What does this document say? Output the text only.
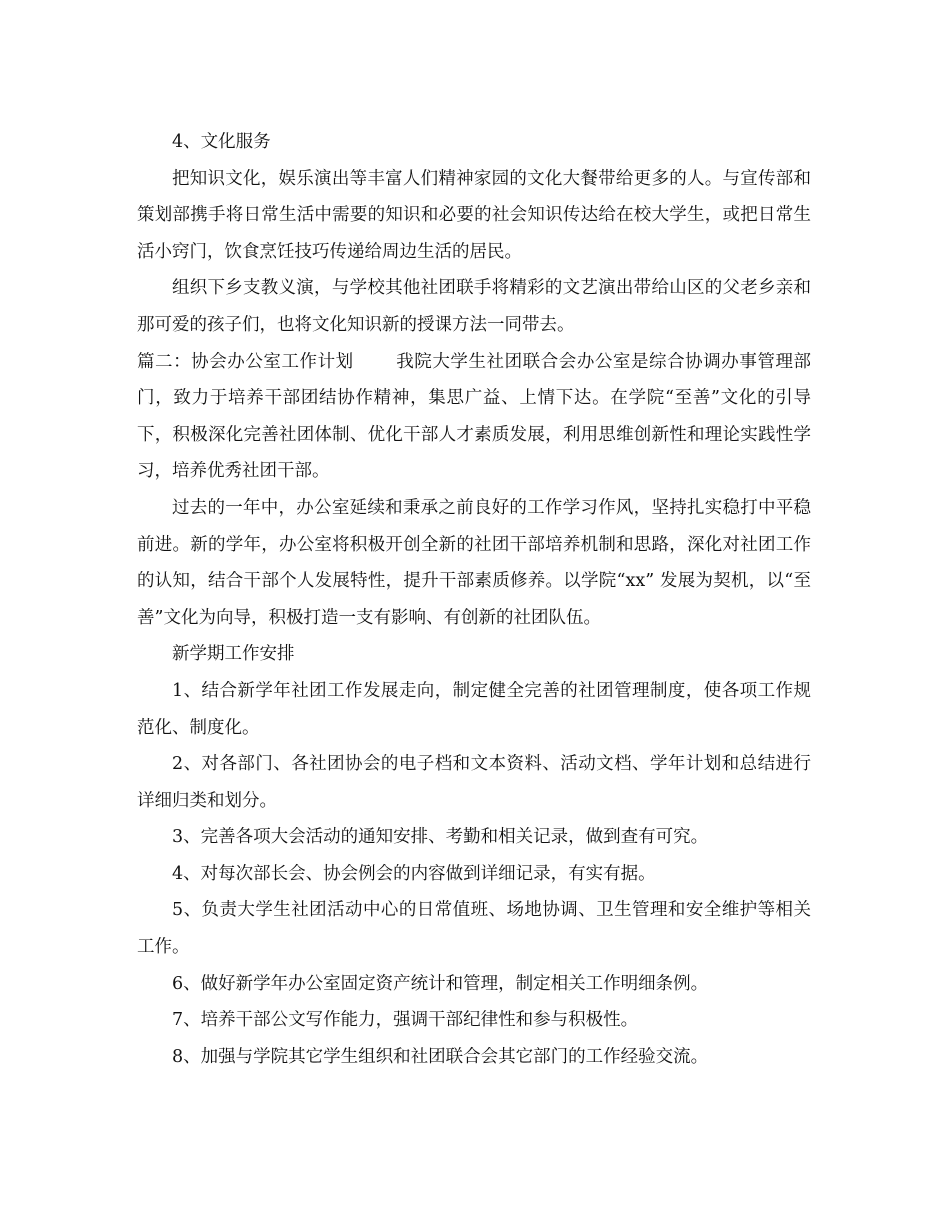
4、文化服务

把知识文化，娱乐演出等丰富人们精神家园的文化大餐带给更多的人。与宣传部和策划部携手将日常生活中需要的知识和必要的社会知识传达给在校大学生，或把日常生活小窍门，饮食烹饪技巧传递给周边生活的居民。

组织下乡支教义演，与学校其他社团联手将精彩的文艺演出带给山区的父老乡亲和那可爱的孩子们，也将文化知识新的授课方法一同带去。

篇二：协会办公室工作计划 我院大学生社团联合会办公室是综合协调办事管理部门，致力于培养干部团结协作精神，集思广益、上情下达。在学院“至善”文化的引导下，积极深化完善社团体制、优化干部人才素质发展，利用思维创新性和理论实践性学习，培养优秀社团干部。

过去的一年中，办公室延续和秉承之前良好的工作学习作风，坚持扎实稳打中平稳前进。新的学年，办公室将积极开创全新的社团干部培养机制和思路，深化对社团工作的认知，结合干部个人发展特性，提升干部素质修养。以学院“xx” 发展为契机，以“至善”文化为向导，积极打造一支有影响、有创新的社团队伍。

新学期工作安排

1、结合新学年社团工作发展走向，制定健全完善的社团管理制度，使各项工作规范化、制度化。

2、对各部门、各社团协会的电子档和文本资料、活动文档、学年计划和总结进行详细归类和划分。

3、完善各项大会活动的通知安排、考勤和相关记录，做到查有可究。

4、对每次部长会、协会例会的内容做到详细记录，有实有据。

5、负责大学生社团活动中心的日常值班、场地协调、卫生管理和安全维护等相关工作。

6、做好新学年办公室固定资产统计和管理，制定相关工作明细条例。

7、培养干部公文写作能力，强调干部纪律性和参与积极性。

8、加强与学院其它学生组织和社团联合会其它部门的工作经验交流。
